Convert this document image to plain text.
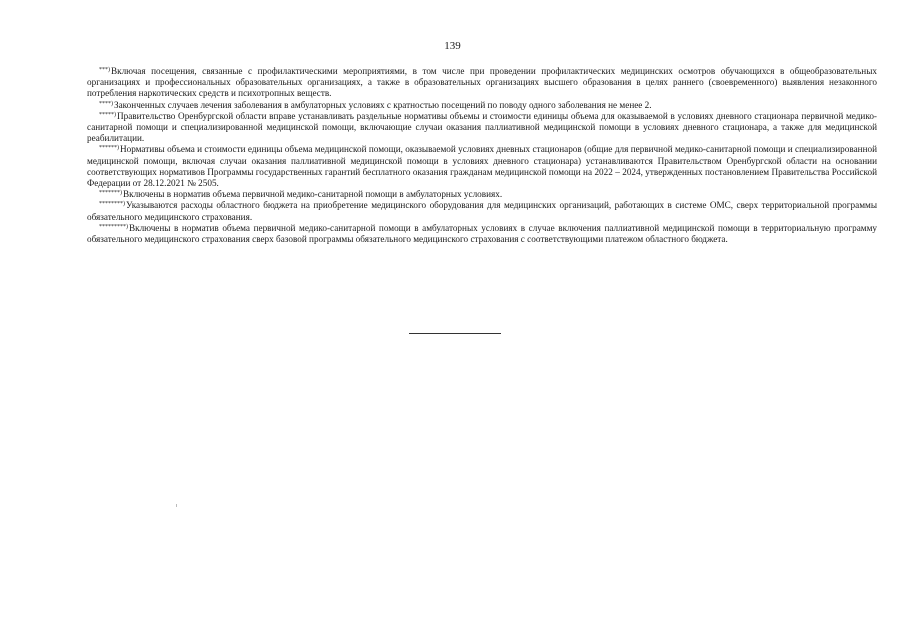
139

***)Включая посещения, связанные с профилактическими мероприятиями, в том числе при проведении профилактических медицинских осмотров обучающихся в общеобразовательных организациях и профессиональных образовательных организациях, а также в образовательных организациях высшего образования в целях раннего (своевременного) выявления незаконного потребления наркотических средств и психотропных веществ.

****)Законченных случаев лечения заболевания в амбулаторных условиях с кратностью посещений по поводу одного заболевания не менее 2.

*****)Правительство Оренбургской области вправе устанавливать раздельные нормативы объемы и стоимости единицы объема для оказываемой в условиях дневного стационара первичной медико-санитарной помощи и специализированной медицинской помощи, включающие случаи оказания паллиативной медицинской помощи в условиях дневного стационара, а также для медицинской реабилитации.

******)Нормативы объема и стоимости единицы объема медицинской помощи, оказываемой условиях дневных стационаров (общие для первичной медико-санитарной помощи и специализированной медицинской помощи, включая случаи оказания паллиативной медицинской помощи в условиях дневного стационара) устанавливаются Правительством Оренбургской области на основании соответствующих нормативов Программы государственных гарантий бесплатного оказания гражданам медицинской помощи на 2022 – 2024, утвержденных постановлением Правительства Российской Федерации от 28.12.2021 № 2505.

*******)Включены в норматив объема первичной медико-санитарной помощи в амбулаторных условиях.

********)Указываются расходы областного бюджета на приобретение медицинского оборудования для медицинских организаций, работающих в системе ОМС, сверх территориальной программы обязательного медицинского страхования.

*********)Включены в норматив объема первичной медико-санитарной помощи в амбулаторных условиях в случае включения паллиативной медицинской помощи в территориальную программу обязательного медицинского страхования сверх базовой программы обязательного медицинского страхования с соответствующими платежом областного бюджета.
